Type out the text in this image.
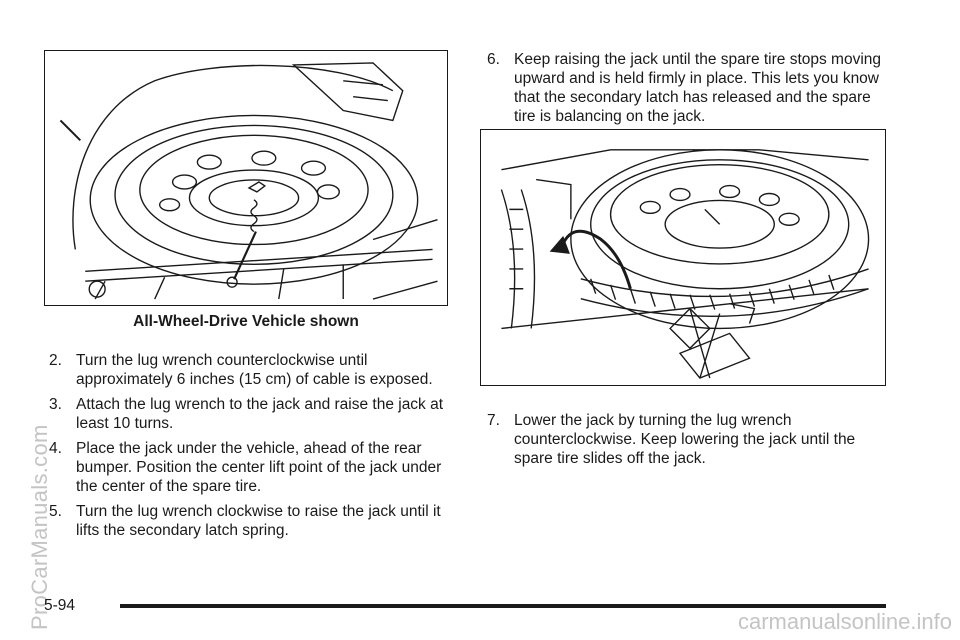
All-Wheel-Drive Vehicle shown
2. Turn the lug wrench counterclockwise until approximately 6 inches (15 cm) of cable is exposed.
3. Attach the lug wrench to the jack and raise the jack at least 10 turns.
4. Place the jack under the vehicle, ahead of the rear bumper. Position the center lift point of the jack under the center of the spare tire.
5. Turn the lug wrench clockwise to raise the jack until it lifts the secondary latch spring.
6. Keep raising the jack until the spare tire stops moving upward and is held firmly in place. This lets you know that the secondary latch has released and the spare tire is balancing on the jack.
7. Lower the jack by turning the lug wrench counterclockwise. Keep lowering the jack until the spare tire slides off the jack.
ProCarManuals.com	carmanualsonline.info
5-94
